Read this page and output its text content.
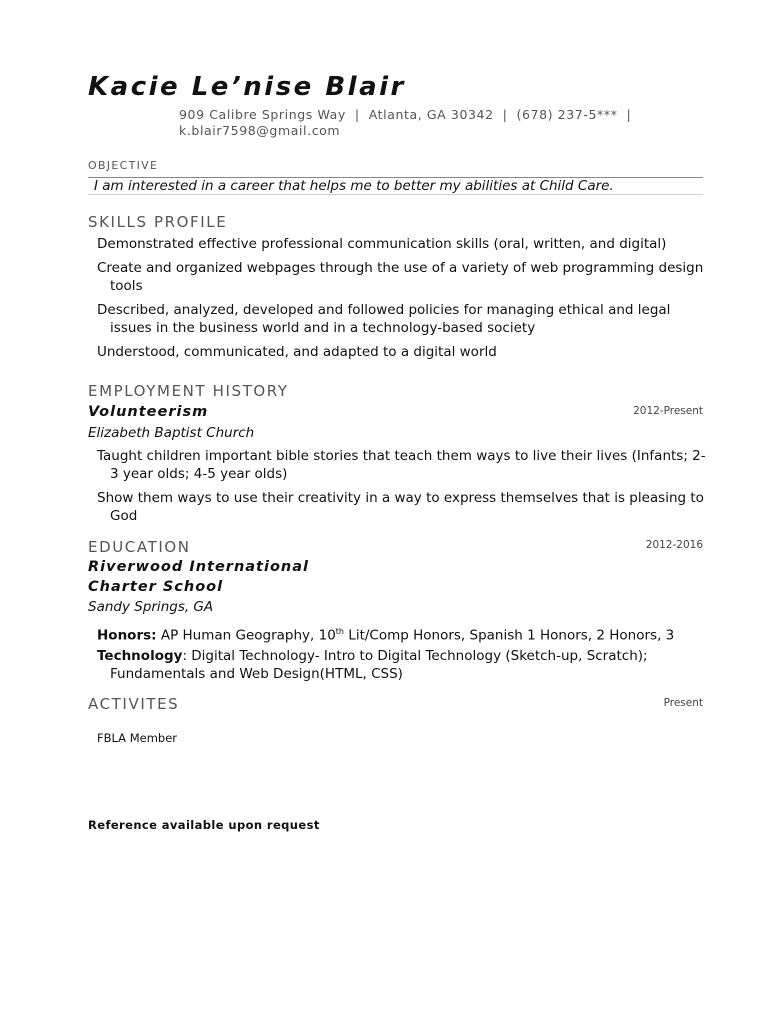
Kacie Le’nise Blair
909 Calibre Springs Way | Atlanta, GA 30342 | (678) 237-5*** |
k.blair7598@gmail.com
OBJECTIVE
I am interested in a career that helps me to better my abilities at Child Care.
SKILLS PROFILE
Demonstrated effective professional communication skills (oral, written, and digital)
Create and organized webpages through the use of a variety of web programming design tools
Described, analyzed, developed and followed policies for managing ethical and legal issues in the business world and in a technology-based society
Understood, communicated, and adapted to a digital world
EMPLOYMENT HISTORY
Volunteerism	2012-Present
Elizabeth Baptist Church
Taught children important bible stories that teach them ways to live their lives (Infants; 2-3 year olds; 4-5 year olds)
Show them ways to use their creativity in a way to express themselves that is pleasing to God
EDUCATION	2012-2016
Riverwood International
Charter School
Sandy Springs, GA
Honors: AP Human Geography, 10th Lit/Comp Honors, Spanish 1 Honors, 2 Honors, 3
Technology: Digital Technology- Intro to Digital Technology (Sketch-up, Scratch); Fundamentals and Web Design(HTML, CSS)
ACTIVITES	Present
FBLA Member
Reference available upon request
